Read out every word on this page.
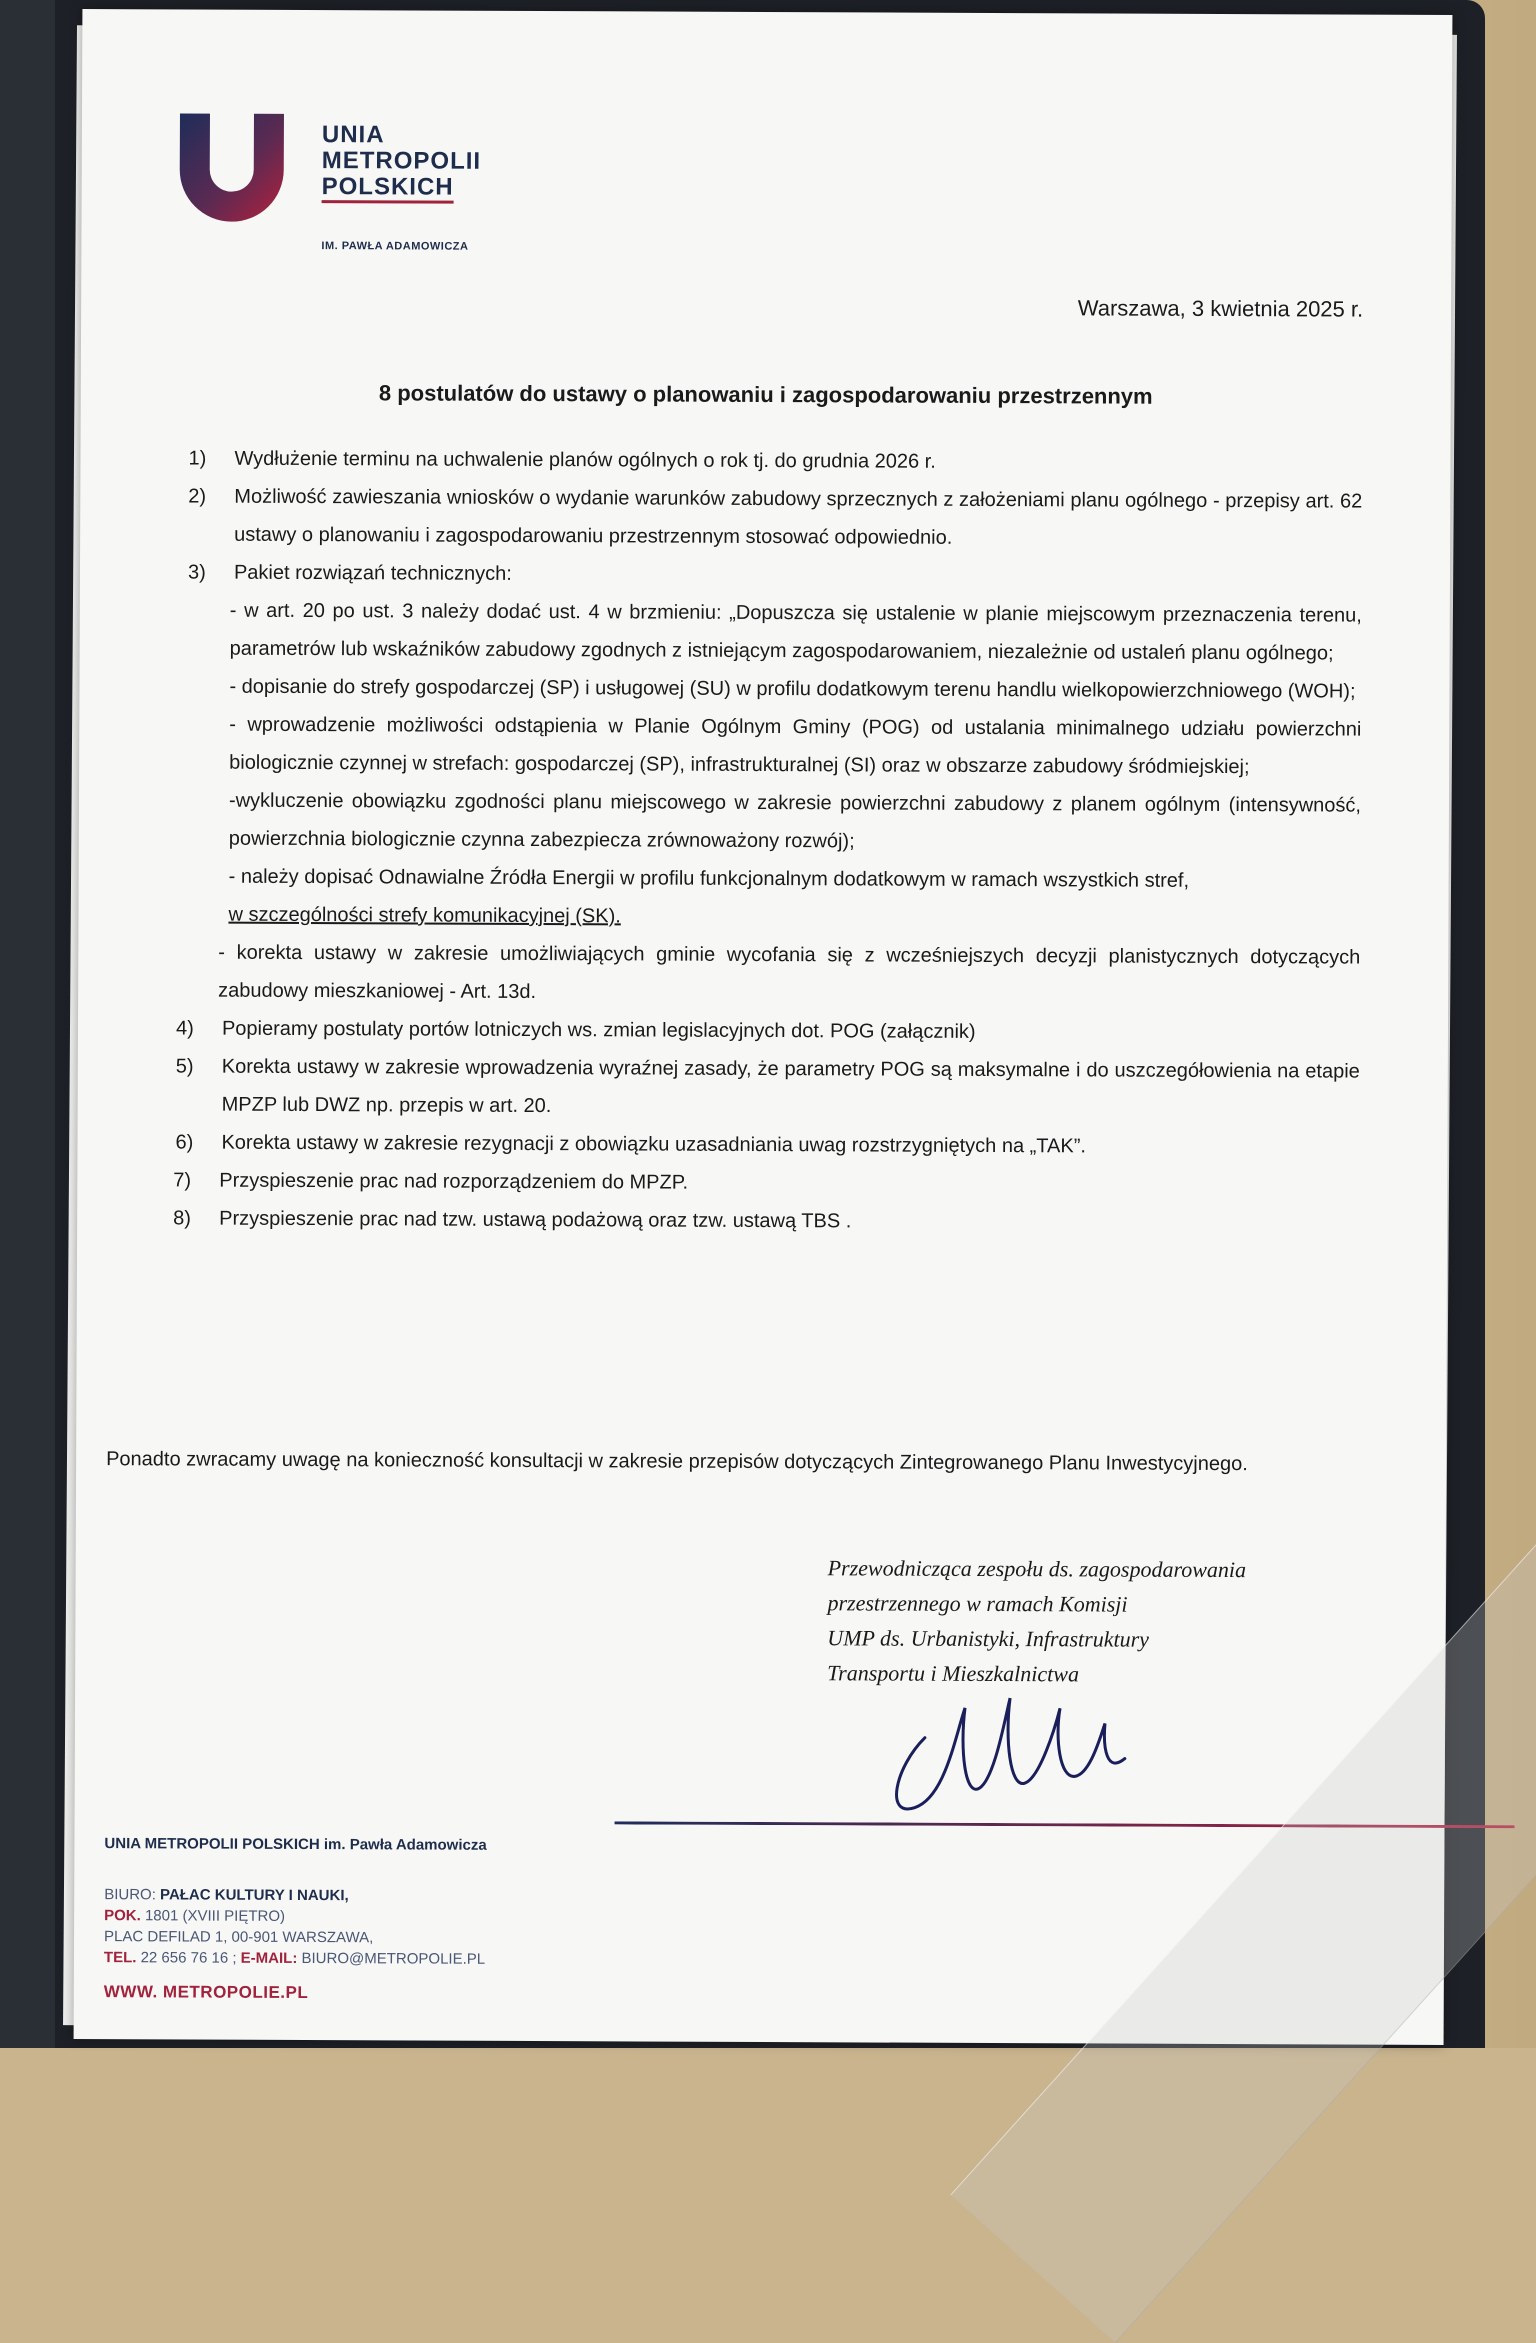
UNIA
METROPOLII
POLSKICH
IM. PAWŁA ADAMOWICZA
Warszawa, 3 kwietnia 2025 r.
8 postulatów do ustawy o planowaniu i zagospodarowaniu przestrzennym
1)	Wydłużenie terminu na uchwalenie planów ogólnych o rok tj. do grudnia 2026 r.
2)	Możliwość zawieszania wniosków o wydanie warunków zabudowy sprzecznych z założeniami planu ogólnego - przepisy art. 62 ustawy o planowaniu i zagospodarowaniu przestrzennym stosować odpowiednio.
3)	Pakiet rozwiązań technicznych:
- w art. 20 po ust. 3 należy dodać ust. 4 w brzmieniu: „Dopuszcza się ustalenie w planie miejscowym przeznaczenia terenu, parametrów lub wskaźników zabudowy zgodnych z istniejącym zagospodarowaniem, niezależnie od ustaleń planu ogólnego;
- dopisanie do strefy gospodarczej (SP) i usługowej (SU) w profilu dodatkowym terenu handlu wielkopowierzchniowego (WOH);
- wprowadzenie możliwości odstąpienia w Planie Ogólnym Gminy (POG) od ustalania minimalnego udziału powierzchni biologicznie czynnej w strefach: gospodarczej (SP), infrastrukturalnej (SI) oraz w obszarze zabudowy śródmiejskiej;
-wykluczenie obowiązku zgodności planu miejscowego w zakresie powierzchni zabudowy z planem ogólnym (intensywność, powierzchnia biologicznie czynna zabezpiecza zrównoważony rozwój);
- należy dopisać Odnawialne Źródła Energii w profilu funkcjonalnym dodatkowym w ramach wszystkich stref,
w szczególności strefy komunikacyjnej (SK).
- korekta ustawy w zakresie umożliwiających gminie wycofania się z wcześniejszych decyzji planistycznych dotyczących zabudowy mieszkaniowej - Art. 13d.
4)	Popieramy postulaty portów lotniczych ws. zmian legislacyjnych dot. POG (załącznik)
5)	Korekta ustawy w zakresie wprowadzenia wyraźnej zasady, że parametry POG są maksymalne i do uszczegółowienia na etapie MPZP lub DWZ np. przepis w art. 20.
6)	Korekta ustawy w zakresie rezygnacji z obowiązku uzasadniania uwag rozstrzygniętych na „TAK”.
7)	Przyspieszenie prac nad rozporządzeniem do MPZP.
8)	Przyspieszenie prac nad tzw. ustawą podażową oraz tzw. ustawą TBS .
Ponadto zwracamy uwagę na konieczność konsultacji w zakresie przepisów dotyczących Zintegrowanego Planu Inwestycyjnego.
Przewodnicząca zespołu ds. zagospodarowania
przestrzennego w ramach Komisji
UMP ds. Urbanistyki, Infrastruktury
Transportu i Mieszkalnictwa
UNIA METROPOLII POLSKICH im. Pawła Adamowicza
BIURO: PAŁAC KULTURY I NAUKI,
POK. 1801 (XVIII PIĘTRO)
PLAC DEFILAD 1, 00-901 WARSZAWA,
TEL. 22 656 76 16 ; E-MAIL: BIURO@METROPOLIE.PL
WWW. METROPOLIE.PL
